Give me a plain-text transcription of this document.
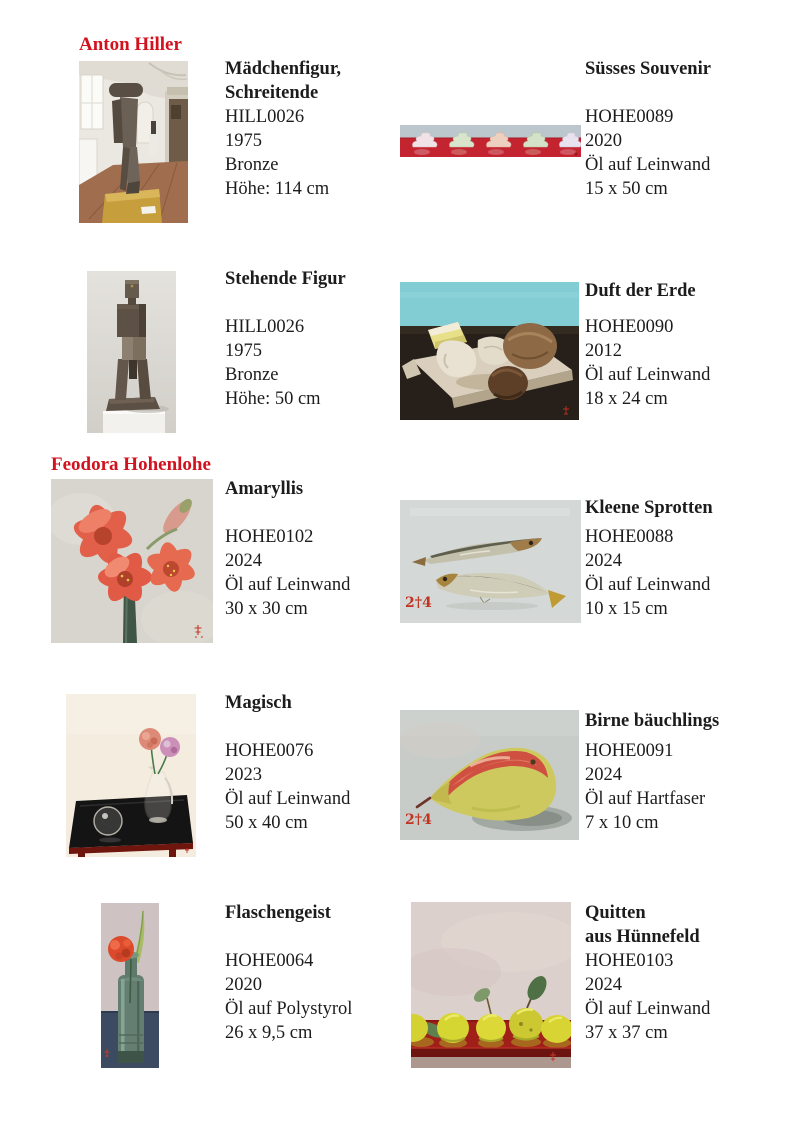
Anton Hiller
Feodora Hohenlohe
Mädchenfigur,
Schreitende
HILL0026
1975
Bronze
Höhe: 114 cm
Süsses Souvenir
HOHE0089
2020
Öl auf Leinwand
15 x 50 cm
Stehende Figur
HILL0026
1975
Bronze
Höhe: 50 cm
Duft der Erde
HOHE0090
2012
Öl auf Leinwand
18 x 24 cm
Amaryllis
HOHE0102
2024
Öl auf Leinwand
30 x 30 cm	2†4
Kleene Sprotten
HOHE0088
2024
Öl auf Leinwand
10 x 15 cm
Magisch
HOHE0076
2023
Öl auf Leinwand
50 x 40 cm	2†4
Birne bäuchlings
HOHE0091
2024
Öl auf Hartfaser
7 x 10 cm
Flaschengeist
HOHE0064
2020
Öl auf Polystyrol
26 x 9,5 cm
Quitten
aus Hünnefeld
HOHE0103
2024
Öl auf Leinwand
37 x 37 cm
